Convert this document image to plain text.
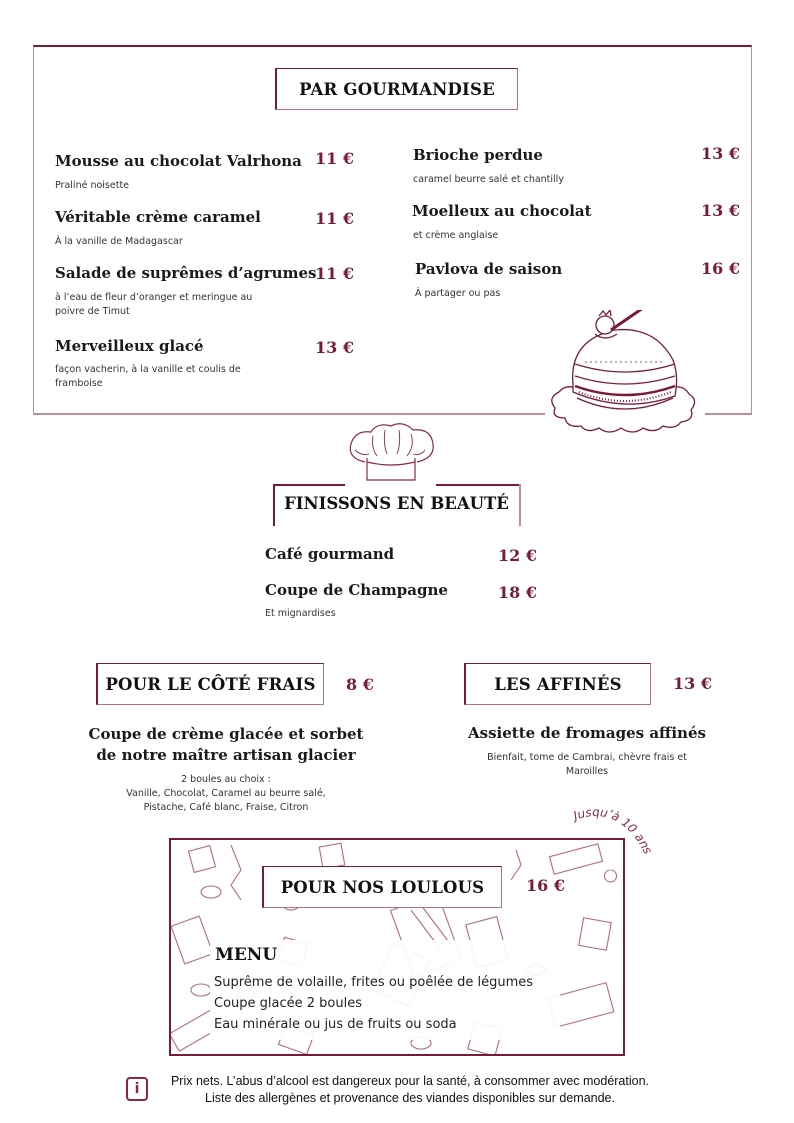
PAR GOURMANDISE
Mousse au chocolat Valrhona 11 €
Praliné noisette
Véritable crème caramel	11 €
À la vanille de Madagascar
Salade de suprêmes d’agrumes
11 €
à l’eau de fleur d’oranger et meringue au
poivre de Timut
Merveilleux glacé	13 €
façon vacherin, à la vanille et coulis de
framboise
Brioche perdue	13 €
caramel beurre salé et chantilly
Moelleux au chocolat	13 €
et crème anglaise
Pavlova de saison	16 €
À partager ou pas
FINISSONS EN BEAUTÉ
Café gourmand	12 €
Coupe de Champagne	18 €
Et mignardises
POUR LE CÔTÉ FRAIS	8 €
Coupe de crème glacée et sorbet
de notre maître artisan glacier
2 boules au choix :
Vanille, Chocolat, Caramel au beurre salé,
Pistache, Café blanc, Fraise, Citron
LES AFFINÉS	13 €
Assiette de fromages affinés
Bienfait, tome de Cambrai, chèvre frais et
Maroilles
POUR NOS LOULOUS	16 €
Jusqu’à 10 ans
MENU
Suprême de volaille, frites ou poêlée de légumes
Coupe glacée 2 boules
Eau minérale ou jus de fruits ou soda
i	Prix nets. L’abus d’alcool est dangereux pour la santé, à consommer avec modération.
Liste des allergènes et provenance des viandes disponibles sur demande.
